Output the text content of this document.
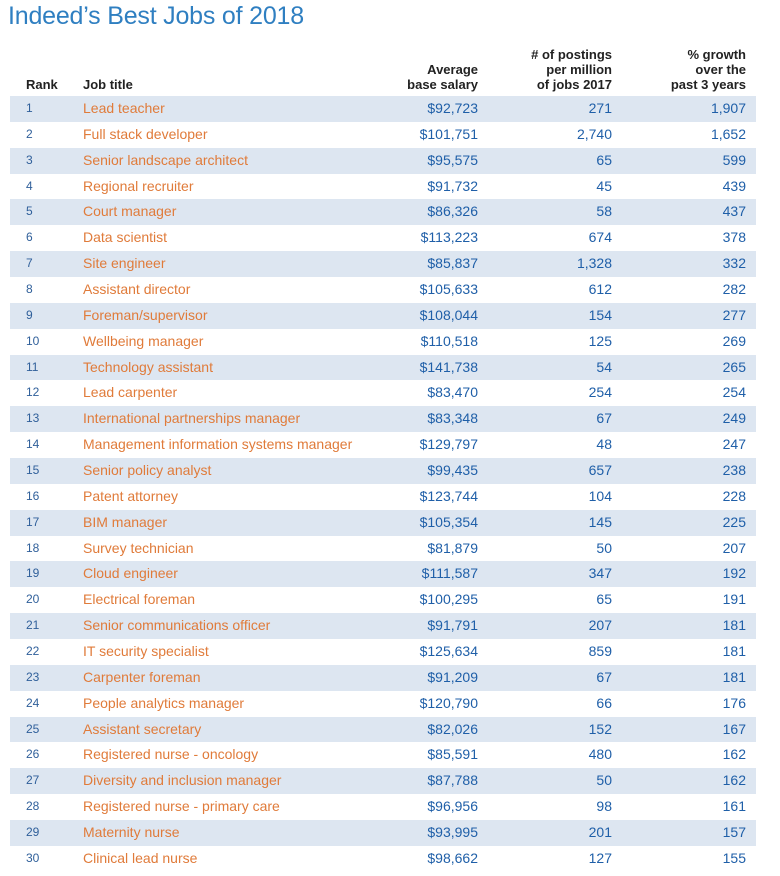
Indeed’s Best Jobs of 2018
Rank Job title
Average
base salary
# of postings
per million
of jobs 2017
% growth
over the
past 3 years
1	Lead teacher	$92,723	271	1,907
2	Full stack developer	$101,751	2,740	1,652
3	Senior landscape architect	$95,575	65	599
4	Regional recruiter	$91,732	45	439
5	Court manager	$86,326	58	437
6	Data scientist	$113,223	674	378
7	Site engineer	$85,837	1,328	332
8	Assistant director	$105,633	612	282
9	Foreman/supervisor	$108,044	154	277
10	Wellbeing manager	$110,518	125	269
11	Technology assistant	$141,738	54	265
12	Lead carpenter	$83,470	254	254
13	International partnerships manager	$83,348	67	249
14	Management information systems manager	$129,797	48	247
15	Senior policy analyst	$99,435	657	238
16	Patent attorney	$123,744	104	228
17	BIM manager	$105,354	145	225
18	Survey technician	$81,879	50	207
19	Cloud engineer	$111,587	347	192
20	Electrical foreman	$100,295	65	191
21	Senior communications officer	$91,791	207	181
22	IT security specialist	$125,634	859	181
23	Carpenter foreman	$91,209	67	181
24	People analytics manager	$120,790	66	176
25	Assistant secretary	$82,026	152	167
26	Registered nurse - oncology	$85,591	480	162
27	Diversity and inclusion manager	$87,788	50	162
28	Registered nurse - primary care	$96,956	98	161
29	Maternity nurse	$93,995	201	157
30	Clinical lead nurse	$98,662	127	155
